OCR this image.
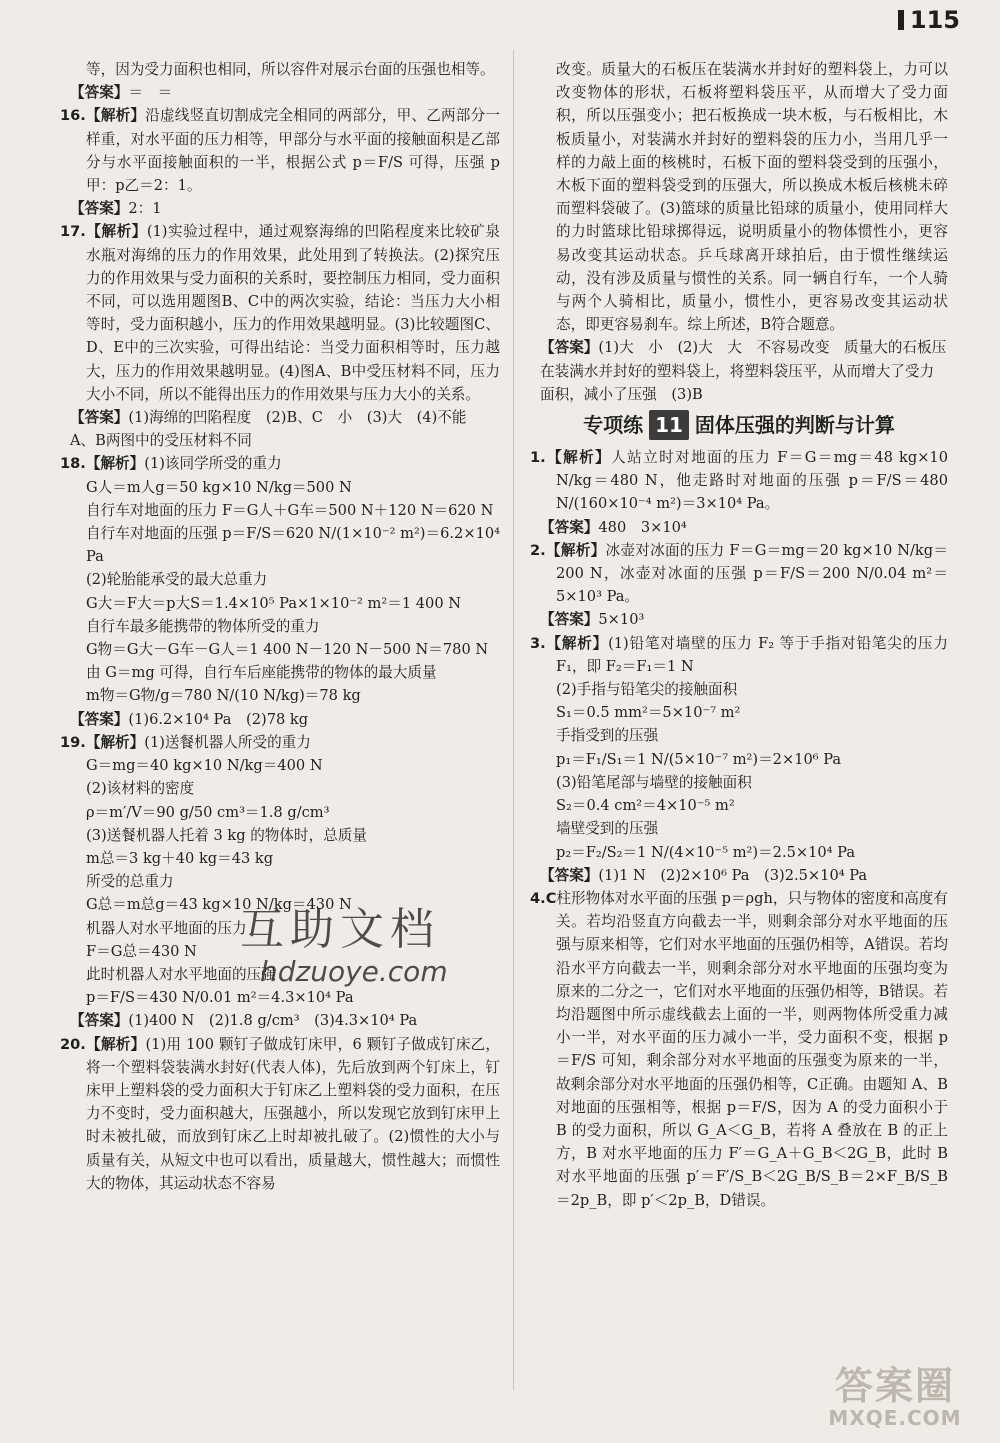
115

等，因为受力面积也相同，所以容件对展示台面的压强也相等。

【答案】＝　＝

16.【解析】沿虚线竖直切割成完全相同的两部分，甲、乙两部分一样重，对水平面的压力相等，甲部分与水平面的接触面积是乙部分与水平面接触面积的一半，根据公式 p＝F/S 可得，压强 p甲：p乙＝2：1。

【答案】2：1

17.【解析】(1)实验过程中，通过观察海绵的凹陷程度来比较矿泉水瓶对海绵的压力的作用效果，此处用到了转换法。(2)探究压力的作用效果与受力面积的关系时，要控制压力相同，受力面积不同，可以选用题图B、C中的两次实验，结论：当压力大小相等时，受力面积越小，压力的作用效果越明显。(3)比较题图C、D、E中的三次实验，可得出结论：当受力面积相等时，压力越大，压力的作用效果越明显。(4)图A、B中受压材料不同，压力大小不同，所以不能得出压力的作用效果与压力大小的关系。

【答案】(1)海绵的凹陷程度　(2)B、C　小　(3)大　(4)不能　A、B两图中的受压材料不同

18.【解析】(1)该同学所受的重力

G人＝m人g＝50 kg×10 N/kg＝500 N

自行车对地面的压力 F＝G人＋G车＝500 N＋120 N＝620 N

自行车对地面的压强 p＝F/S＝620 N/(1×10⁻² m²)＝6.2×10⁴ Pa

(2)轮胎能承受的最大总重力

G大＝F大＝p大S＝1.4×10⁵ Pa×1×10⁻² m²＝1 400 N

自行车最多能携带的物体所受的重力

G物＝G大－G车－G人＝1 400 N－120 N－500 N＝780 N

由 G＝mg 可得，自行车后座能携带的物体的最大质量

m物＝G物/g＝780 N/(10 N/kg)＝78 kg

【答案】(1)6.2×10⁴ Pa　(2)78 kg

19.【解析】(1)送餐机器人所受的重力

G＝mg＝40 kg×10 N/kg＝400 N

(2)该材料的密度

ρ＝m′/V＝90 g/50 cm³＝1.8 g/cm³

(3)送餐机器人托着 3 kg 的物体时，总质量

m总＝3 kg＋40 kg＝43 kg

所受的总重力

G总＝m总g＝43 kg×10 N/kg＝430 N

机器人对水平地面的压力

F＝G总＝430 N

此时机器人对水平地面的压强

p＝F/S＝430 N/0.01 m²＝4.3×10⁴ Pa

【答案】(1)400 N　(2)1.8 g/cm³　(3)4.3×10⁴ Pa

20.【解析】(1)用 100 颗钉子做成钉床甲，6 颗钉子做成钉床乙，将一个塑料袋装满水封好(代表人体)，先后放到两个钉床上，钉床甲上塑料袋的受力面积大于钉床乙上塑料袋的受力面积，在压力不变时，受力面积越大，压强越小，所以发现它放到钉床甲上时未被扎破，而放到钉床乙上时却被扎破了。(2)惯性的大小与质量有关，从短文中也可以看出，质量越大，惯性越大；而惯性大的物体，其运动状态不容易

改变。质量大的石板压在装满水并封好的塑料袋上，力可以改变物体的形状，石板将塑料袋压平，从而增大了受力面积，所以压强变小；把石板换成一块木板，与石板相比，木板质量小，对装满水并封好的塑料袋的压力小，当用几乎一样的力敲上面的核桃时，石板下面的塑料袋受到的压强小，木板下面的塑料袋受到的压强大，所以换成木板后核桃未碎而塑料袋破了。(3)篮球的质量比铅球的质量小，使用同样大的力时篮球比铅球掷得远，说明质量小的物体惯性小，更容易改变其运动状态。乒乓球离开球拍后，由于惯性继续运动，没有涉及质量与惯性的关系。同一辆自行车，一个人骑与两个人骑相比，质量小，惯性小，更容易改变其运动状态，即更容易刹车。综上所述，B符合题意。

【答案】(1)大　小　(2)大　大　不容易改变　质量大的石板压在装满水并封好的塑料袋上，将塑料袋压平，从而增大了受力面积，减小了压强　(3)B

专项练 11 固体压强的判断与计算

1.【解析】人站立时对地面的压力 F＝G＝mg＝48 kg×10 N/kg＝480 N，他走路时对地面的压强 p＝F/S＝480 N/(160×10⁻⁴ m²)＝3×10⁴ Pa。

【答案】480　3×10⁴

2.【解析】冰壶对冰面的压力 F＝G＝mg＝20 kg×10 N/kg＝200 N，冰壶对冰面的压强 p＝F/S＝200 N/0.04 m²＝5×10³ Pa。

【答案】5×10³

3.【解析】(1)铅笔对墙壁的压力 F₂ 等于手指对铅笔尖的压力 F₁，即 F₂＝F₁＝1 N

(2)手指与铅笔尖的接触面积

S₁＝0.5 mm²＝5×10⁻⁷ m²

手指受到的压强

p₁＝F₁/S₁＝1 N/(5×10⁻⁷ m²)＝2×10⁶ Pa

(3)铅笔尾部与墙壁的接触面积

S₂＝0.4 cm²＝4×10⁻⁵ m²

墙壁受到的压强

p₂＝F₂/S₂＝1 N/(4×10⁻⁵ m²)＝2.5×10⁴ Pa

【答案】(1)1 N　(2)2×10⁶ Pa　(3)2.5×10⁴ Pa

4.C柱形物体对水平面的压强 p＝ρgh，只与物体的密度和高度有关。若均沿竖直方向截去一半，则剩余部分对水平地面的压强与原来相等，它们对水平地面的压强仍相等，A错误。若均沿水平方向截去一半，则剩余部分对水平地面的压强均变为原来的二分之一，它们对水平地面的压强仍相等，B错误。若均沿题图中所示虚线截去上面的一半，则两物体所受重力减小一半，对水平面的压力减小一半，受力面积不变，根据 p＝F/S 可知，剩余部分对水平地面的压强变为原来的一半，故剩余部分对水平地面的压强仍相等，C正确。由题知 A、B 对地面的压强相等，根据 p＝F/S，因为 A 的受力面积小于 B 的受力面积，所以 G_A＜G_B，若将 A 叠放在 B 的正上方，B 对水平地面的压力 F′＝G_A＋G_B＜2G_B，此时 B 对水平地面的压强 p′＝F′/S_B＜2G_B/S_B＝2×F_B/S_B＝2p_B，即 p′＜2p_B，D错误。

互助文档
hdzuoye.com
答案圈
MXQE.COM
